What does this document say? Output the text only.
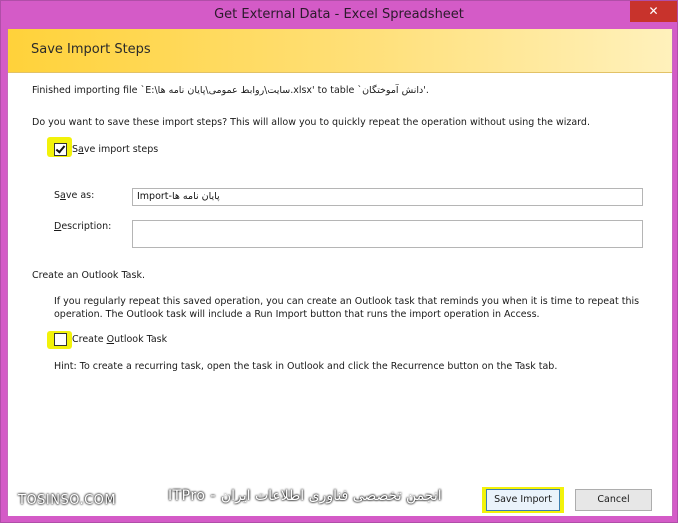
Get External Data - Excel Spreadsheet	✕
Save Import Steps
Finished importing file `E:\سایت\روابط عمومی\پایان نامه ها.xlsx' to table `دانش آموختگان'.
Do you want to save these import steps? This will allow you to quickly repeat the operation without using the wizard.
Save import steps
Save as:	Import-پایان نامه ها
Description:
Create an Outlook Task.
If you regularly repeat this saved operation, you can create an Outlook task that reminds you when it is time to repeat this operation. The Outlook task will include a Run Import button that runs the import operation in Access.
Create Outlook Task
Hint: To create a recurring task, open the task in Outlook and click the Recurrence button on the Task tab.
TOSINSO.COM	ITPro - انجمن تخصصی فناوری اطلاعات ایران	Save Import	Cancel
